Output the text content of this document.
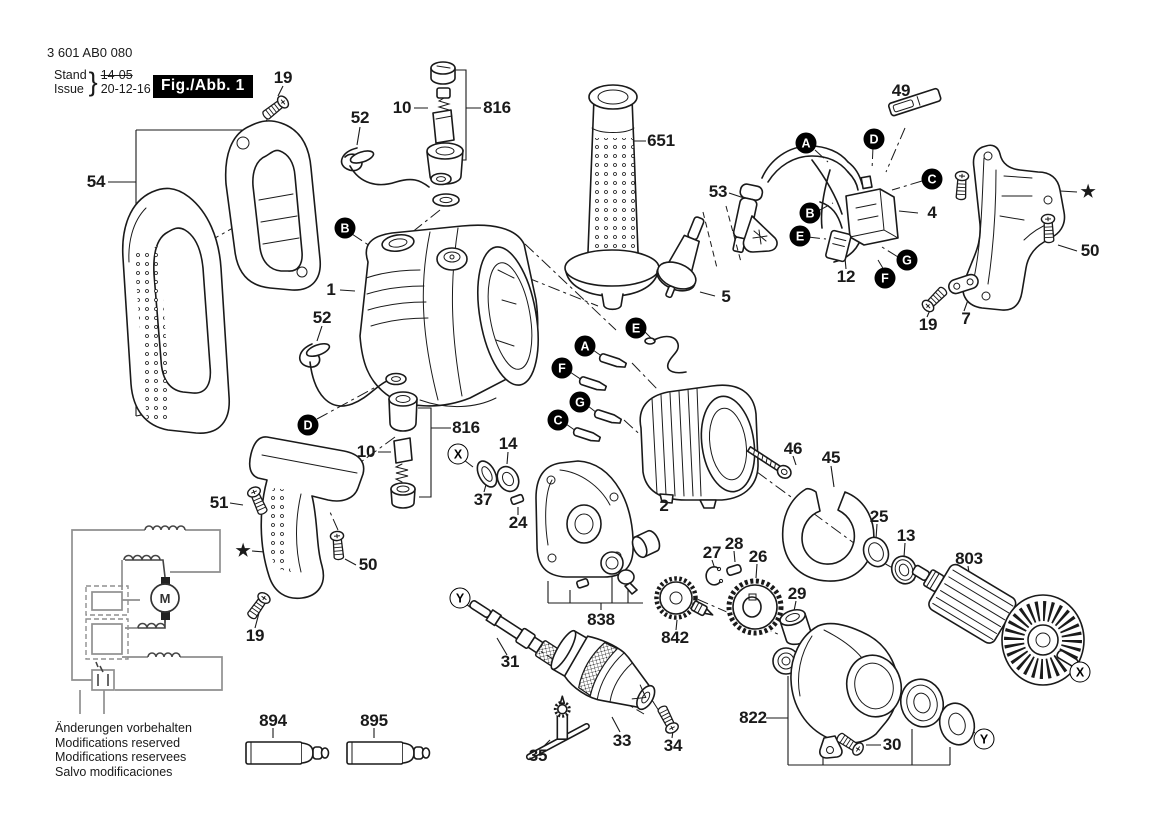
3 601 AB0 080
Stand
Issue } 14-05
20-12-16 Fig./Abb. 1
Änderungen vorbehalten
Modifications reserved
Modifications reservees
Salvo modificaciones
M
19
52
10	816
651
49
53
4
54
★
50
12
5
19 7
1
52
816
10	14	46 45
37
24
2
25
13
803
51
27 28
26
29
★
50
19
838
842
31
822
894	895
35
33 34	30
A	D
C
B
E
G
F
B
E
A
F
G
C
D
X
Y
X
Y
